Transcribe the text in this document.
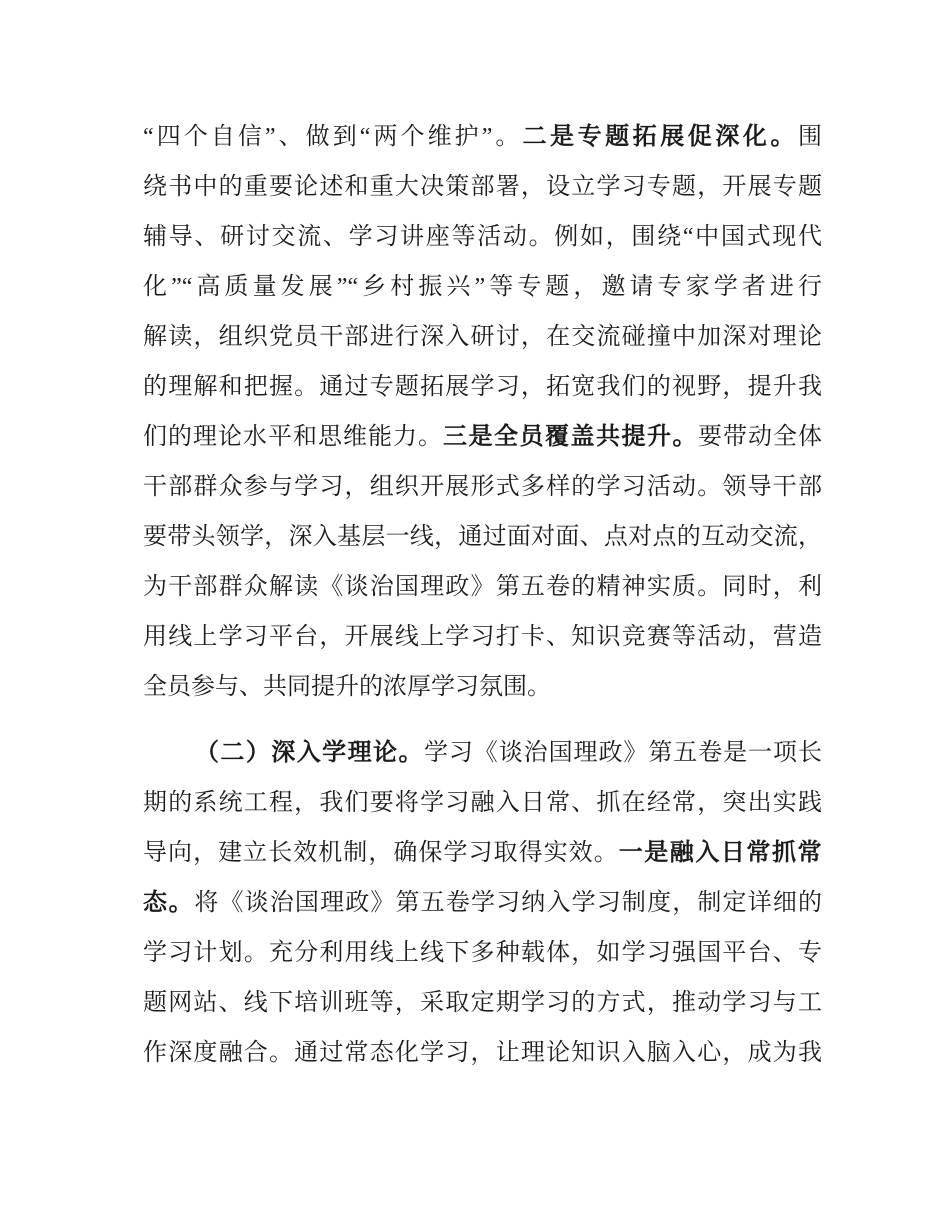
“四个自信”、做到“两个维护”。二是专题拓展促深化。围
绕书中的重要论述和重大决策部署，设立学习专题，开展专题
辅导、研讨交流、学习讲座等活动。例如，围绕“中国式现代
化”“高质量发展”“乡村振兴”等专题，邀请专家学者进行
解读，组织党员干部进行深入研讨，在交流碰撞中加深对理论
的理解和把握。通过专题拓展学习，拓宽我们的视野，提升我
们的理论水平和思维能力。三是全员覆盖共提升。要带动全体
干部群众参与学习，组织开展形式多样的学习活动。领导干部
要带头领学，深入基层一线，通过面对面、点对点的互动交流，
为干部群众解读《谈治国理政》第五卷的精神实质。同时，利
用线上学习平台，开展线上学习打卡、知识竞赛等活动，营造
全员参与、共同提升的浓厚学习氛围。
（二）深入学理论。学习《谈治国理政》第五卷是一项长
期的系统工程，我们要将学习融入日常、抓在经常，突出实践
导向，建立长效机制，确保学习取得实效。一是融入日常抓常
态。将《谈治国理政》第五卷学习纳入学习制度，制定详细的
学习计划。充分利用线上线下多种载体，如学习强国平台、专
题网站、线下培训班等，采取定期学习的方式，推动学习与工
作深度融合。通过常态化学习，让理论知识入脑入心，成为我
